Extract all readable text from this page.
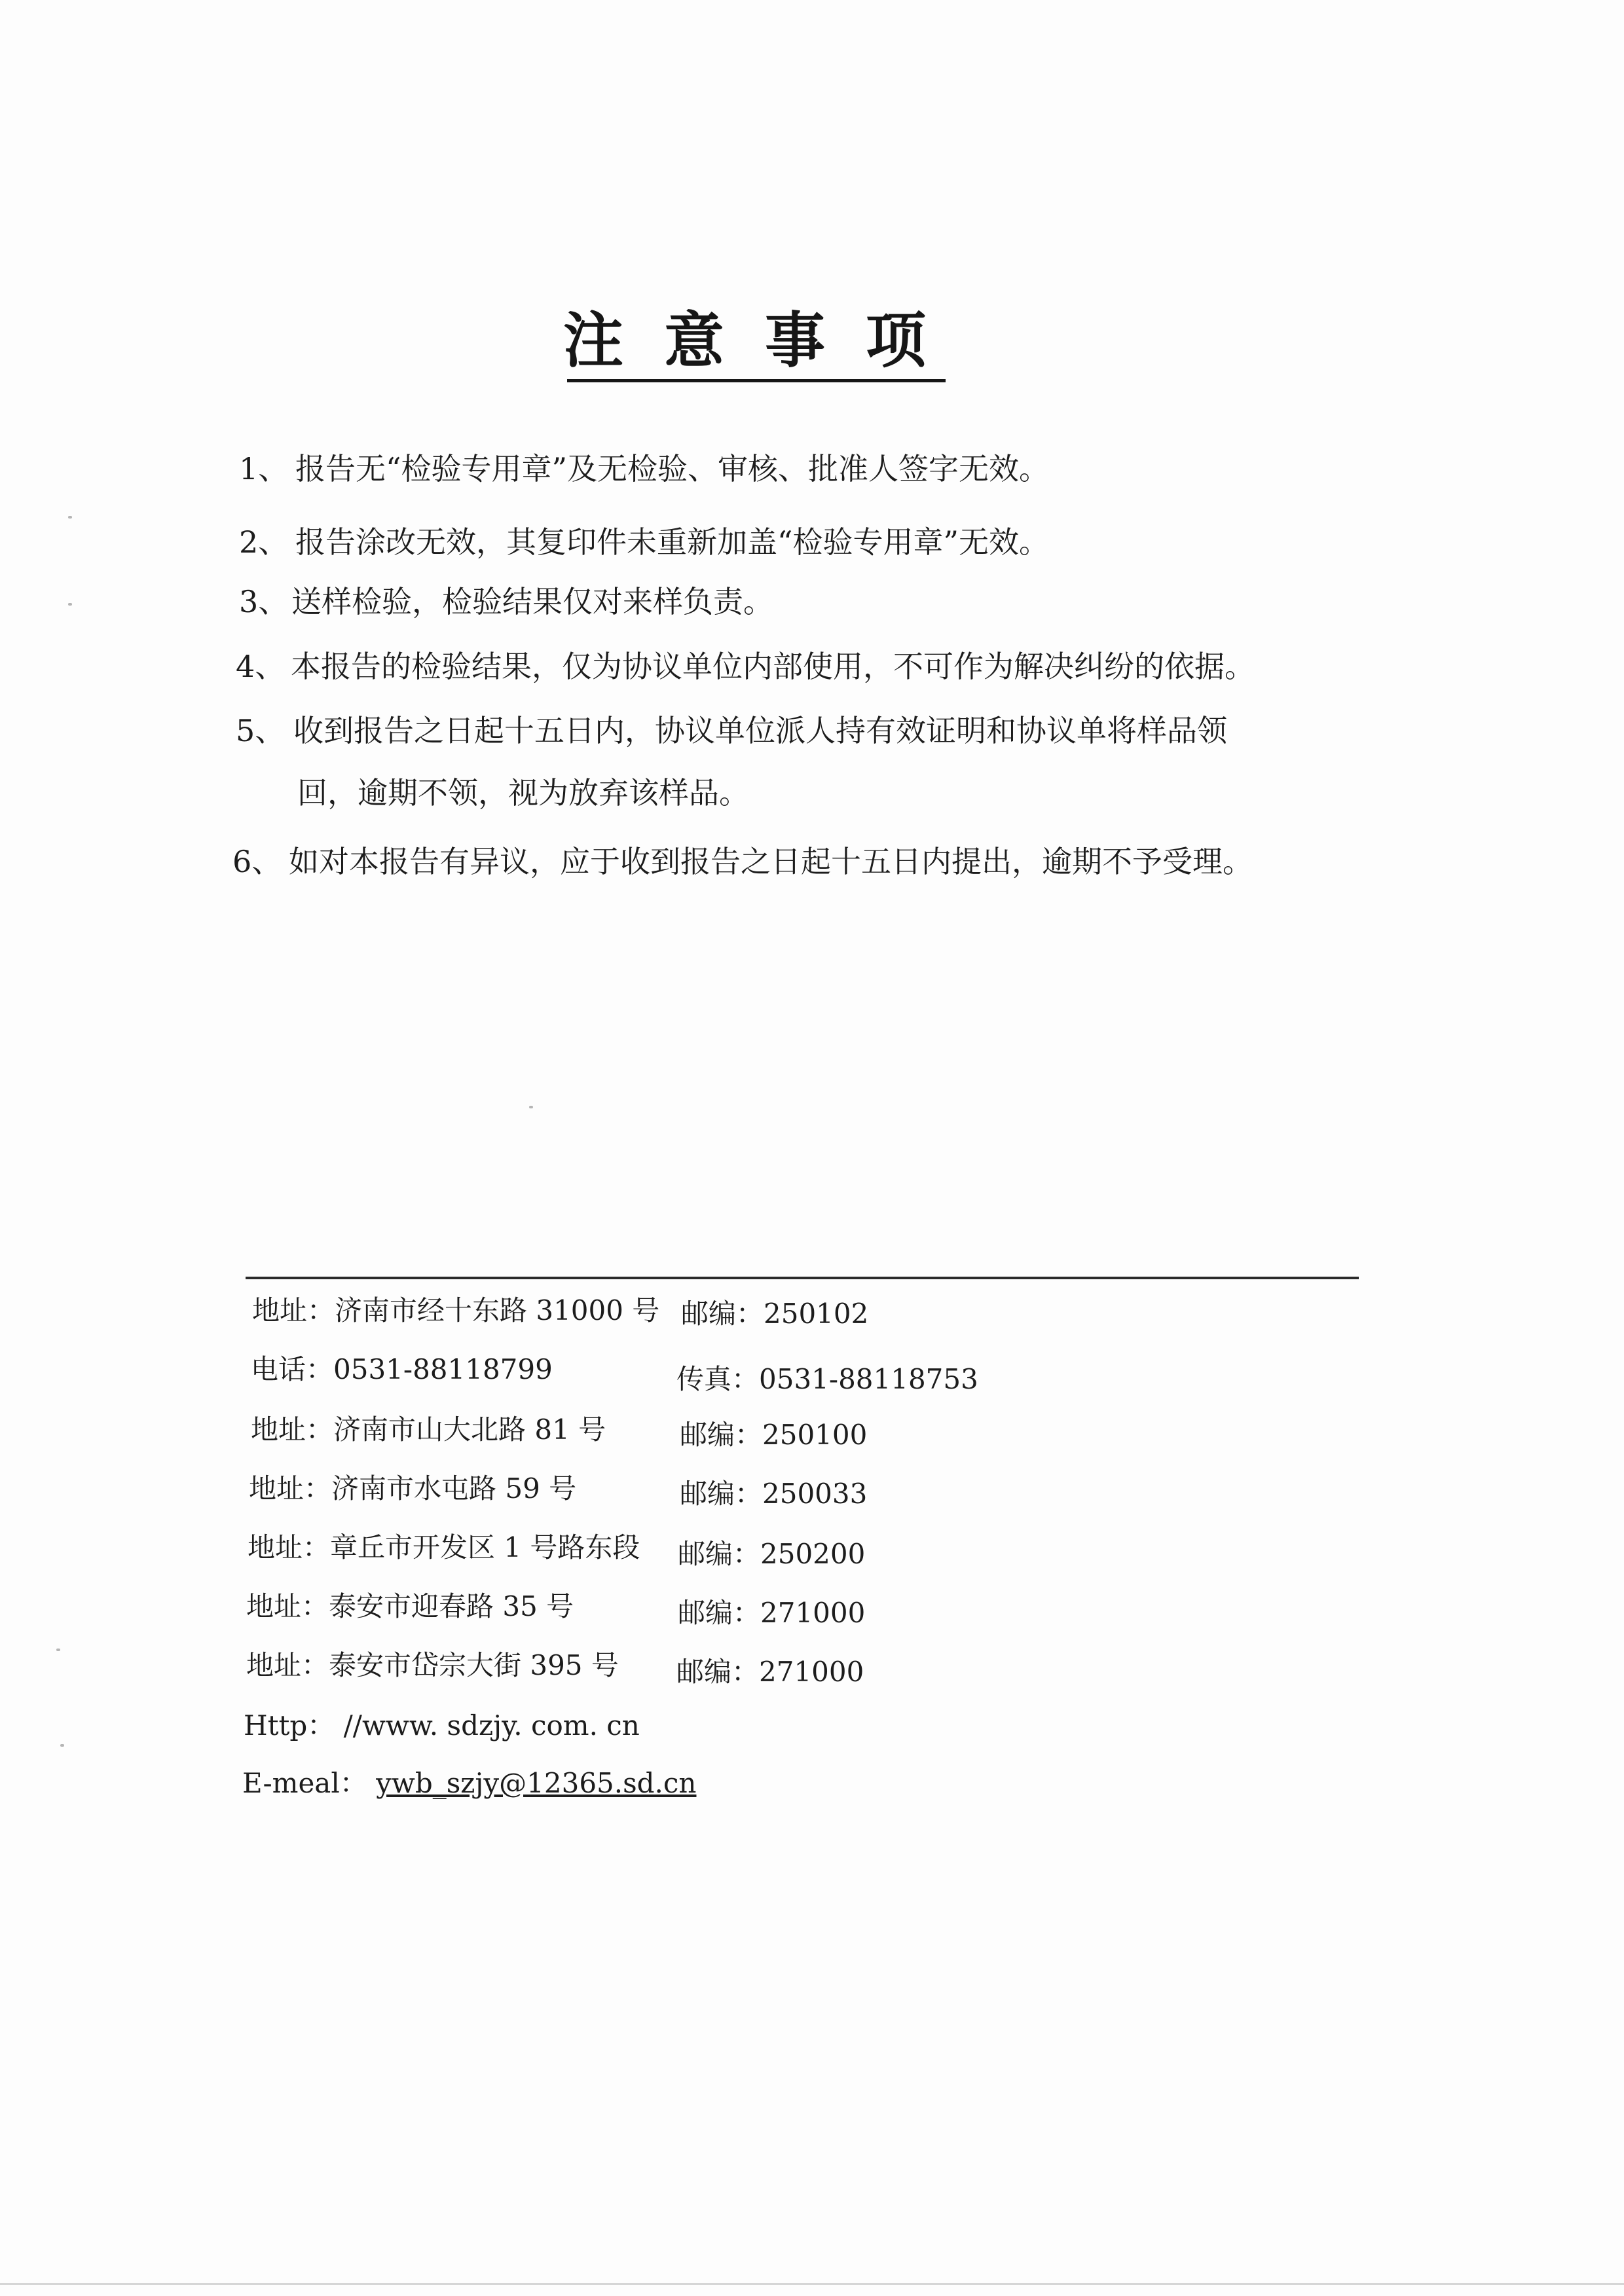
注意事项
1、 报告无“检验专用章”及无检验、审核、批准人签字无效。
2、 报告涂改无效，其复印件未重新加盖“检验专用章”无效。
3、 送样检验，检验结果仅对来样负责。
4、 本报告的检验结果，仅为协议单位内部使用，不可作为解决纠纷的依据。
5、 收到报告之日起十五日内，协议单位派人持有效证明和协议单将样品领
回，逾期不领，视为放弃该样品。
6、 如对本报告有异议，应于收到报告之日起十五日内提出，逾期不予受理。
地址：济南市经十东路 31000 号 邮编：250102
电话：0531-88118799	传真：0531-88118753
地址：济南市山大北路 81 号	邮编：250100
地址：济南市水屯路 59 号	邮编：250033
地址：章丘市开发区 1 号路东段 邮编：250200
地址：泰安市迎春路 35 号	邮编：271000
地址：泰安市岱宗大街 395 号 邮编：271000
Http： //www. sdzjy. com. cn
E-meal： ywb_szjy@12365.sd.cn
